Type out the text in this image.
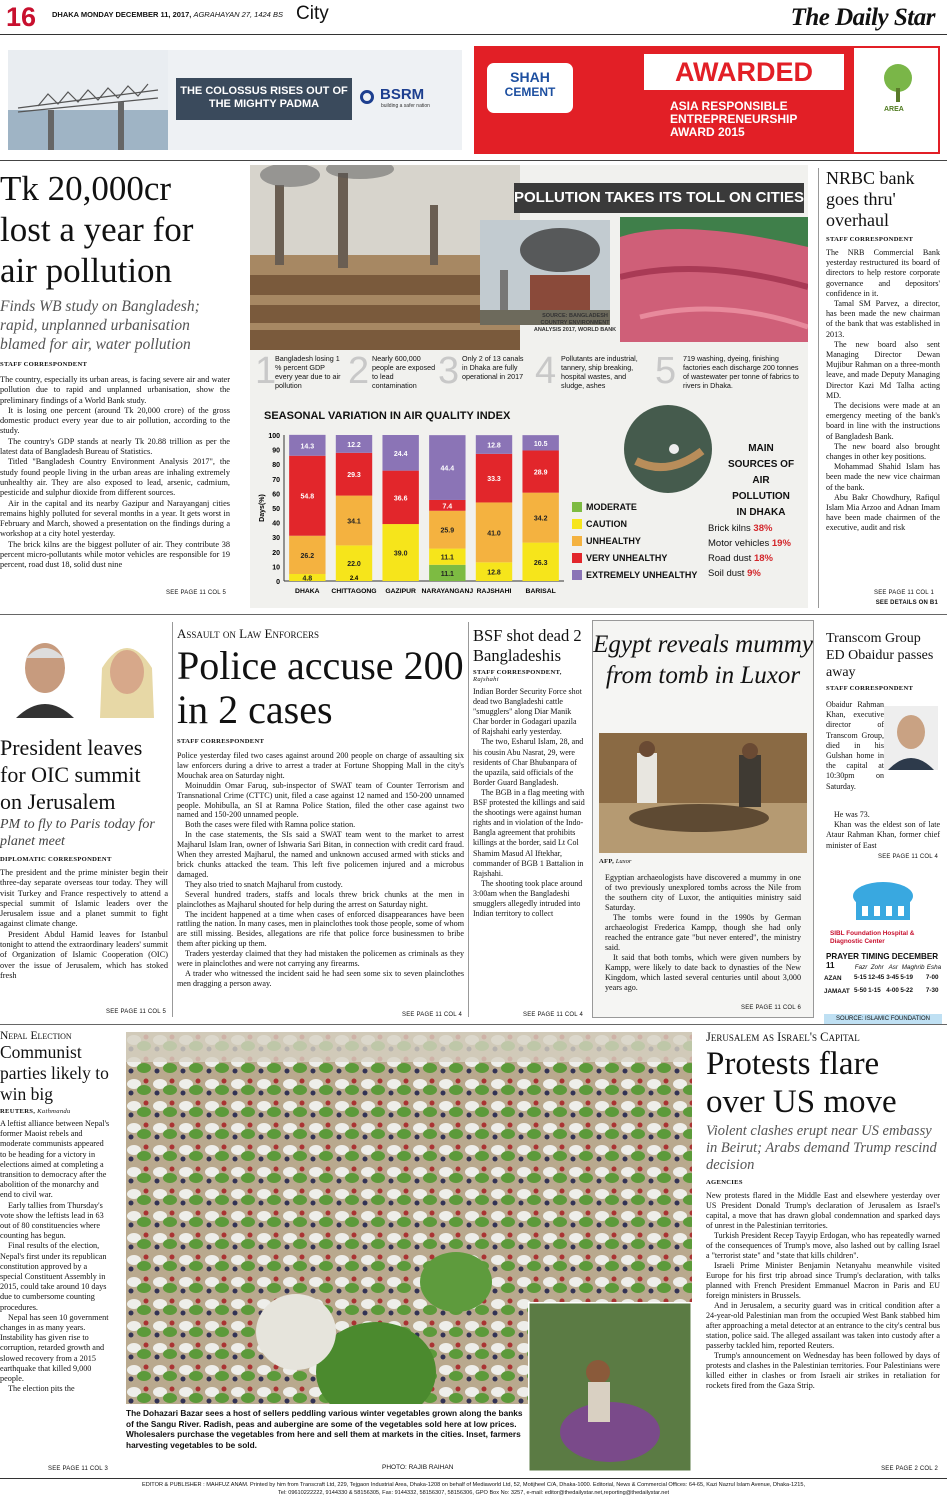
16 DHAKA MONDAY DECEMBER 11, 2017, AGRAHAYAN 27, 1424 BS City	The Daily Star
THE COLOSSUS RISES OUT OF THE MIGHTY PADMA
BSRM
building a safer nation
SHAH
CEMENT
AWARDED
ASIA RESPONSIBLE
ENTREPRENEURSHIP
AWARD 2015
AREA
Tk 20,000cr lost a year for air pollution
Finds WB study on Bangladesh; rapid, unplanned urbanisation blamed for air, water pollution
STAFF CORRESPONDENT

The country, especially its urban areas, is facing severe air and water pollution due to rapid and unplanned urbanisation, show the preliminary findings of a World Bank study.

It is losing one percent (around Tk 20,000 crore) of the gross domestic product every year due to air pollution, according to the study.

The country's GDP stands at nearly Tk 20.88 trillion as per the latest data of Bangladesh Bureau of Statistics.

Titled "Bangladesh Country Environment Analysis 2017", the study found people living in the urban areas are inhaling extremely unhealthy air. They are also exposed to lead, arsenic, cadmium, pesticide and sulphur dioxide from different sources.

Air in the capital and its nearby Gazipur and Narayanganj cities remains highly polluted for several months in a year. It gets worst in February and March, showed a presentation on the findings during a workshop at a city hotel yesterday.

The brick kilns are the biggest polluter of air. They contribute 38 percent micro-pollutants while motor vehicles are responsible for 19 percent, road dust 18, solid dust nine

SEE PAGE 11 COL 5
POLLUTION TAKES ITS TOLL ON CITIES
SOURCE: BANGLADESH COUNTRY ENVIRONMENT ANALYSIS 2017, WORLD BANK
1
Bangladesh losing 1 % percent GDP every year due to air pollution	2 Nearly 600,000 people are exposed to lead contamination 3 Only 2 of 13 canals in Dhaka are fully operational in 2017 4 Pollutants are industrial, tannery, ship breaking, hospital wastes, and sludge, ashes	5 719 washing, dyeing, finishing factories each discharge 200 tonnes of wastewater per tonne of fabrics to rivers in Dhaka.
SEASONAL VARIATION IN AIR QUALITY INDEX
0
10
20
30
40
50
60
70
80
90
100
Days(%)
4.8
26.2
54.8
14.3
DHAKA
22.0
34.1
29.3
12.2
CHITTAGONG
39.0
36.6
24.4
GAZIPUR
11.1
11.1
25.9
7.4
44.4
NARAYANGANJ
12.8
41.0
33.3
12.8
RAJSHAHI
26.3
34.2
28.9
10.5
BARISAL
2.4
MODERATE
CAUTION
UNHEALTHY
VERY UNHEALTHY
EXTREMELY UNHEALTHY
MAIN SOURCES OF AIR POLLUTION IN DHAKA
Brick kilns 38%
Motor vehicles 19%
Road dust 18%
Soil dust 9%
NRBC bank goes thru' overhaul
STAFF CORRESPONDENT

The NRB Commercial Bank yesterday restructured its board of directors to help restore corporate governance and depositors' confidence in it.

Tamal SM Parvez, a director, has been made the new chairman of the bank that was established in 2013.

The new board also sent Managing Director Dewan Mujibur Rahman on a three-month leave, and made Deputy Managing Director Kazi Md Talha acting MD.

The decisions were made at an emergency meeting of the bank's board in line with the instructions of Bangladesh Bank.

The new board also brought changes in other key positions.

Mohammad Shahid Islam has been made the new vice chairman of the bank.

Abu Bakr Chowdhury, Rafiqul Islam Mia Arzoo and Adnan Imam have been made chairmen of the executive, audit and risk

SEE PAGE 11 COL 1
SEE DETAILS ON B1
President leaves for OIC summit on Jerusalem
PM to fly to Paris today for planet meet
DIPLOMATIC CORRESPONDENT

The president and the prime minister begin their three-day separate overseas tour today. They will visit Turkey and France respectively to attend a special summit of Islamic leaders over the Jerusalem issue and a planet summit to fight against climate change.

President Abdul Hamid leaves for Istanbul tonight to attend the extraordinary leaders' summit of Organization of Islamic Cooperation (OIC) over the issue of Jerusalem, which has stoked fresh

SEE PAGE 11 COL 5
Assault on Law Enforcers
Police accuse 200 in 2 cases
STAFF CORRESPONDENT

Police yesterday filed two cases against around 200 people on charge of assaulting six law enforcers during a drive to arrest a trader at Fortune Shopping Mall in the city's Mouchak area on Saturday night.

Moinuddin Omar Faruq, sub-inspector of SWAT team of Counter Terrorism and Transnational Crime (CTTC) unit, filed a case against 12 named and 150-200 unnamed people. Mohibulla, an SI at Ramna Police Station, filed the other case against two named and 150-200 unnamed people.

Both the cases were filed with Ramna police station.

In the case statements, the SIs said a SWAT team went to the market to arrest Majharul Islam Iran, owner of Ishwaria Sari Bitan, in connection with credit card fraud. When they arrested Majharul, the named and unknown accused armed with sticks and brick chunks attacked the team. This left five policemen injured and a microbus damaged.

They also tried to snatch Majharul from custody.

Several hundred traders, staffs and locals threw brick chunks at the men in plainclothes as Majharul shouted for help during the arrest on Saturday night.

The incident happened at a time when cases of enforced disappearances have been rattling the nation. In many cases, men in plainclothes took those people, some of whom are still missing. Besides, allegations are rife that police force businessmen to bribe them after picking up them.

Traders yesterday claimed that they had mistaken the policemen as criminals as they were in plainclothes and were not carrying any firearms.

A trader who witnessed the incident said he had seen some six to seven plainclothes men dragging a person away.

SEE PAGE 11 COL 4
BSF shot dead 2 Bangladeshis
STAFF CORRESPONDENT,
Rajshahi

Indian Border Security Force shot dead two Bangladeshi cattle "smugglers" along Diar Manik Char border in Godagari upazila of Rajshahi early yesterday.

The two, Esharul Islam, 28, and his cousin Abu Nasrat, 29, were residents of Char Bhubanpara of the upazila, said officials of the Border Guard Bangladesh.

The BGB in a flag meeting with BSF protested the killings and said the shootings were against human rights and in violation of the Indo-Bangla agreement that prohibits killings at the border, said Lt Col Shamim Masud Al Iftekhar, commander of BGB 1 Battalion in Rajshahi.

The shooting took place around 3:00am when the Bangladeshi smugglers allegedly intruded into Indian territory to collect

SEE PAGE 11 COL 4
Egypt reveals mummy from tomb in Luxor
AFP, Luxor

Egyptian archaeologists have discovered a mummy in one of two previously unexplored tombs across the Nile from the southern city of Luxor, the antiquities ministry said Saturday.

The tombs were found in the 1990s by German archaeologist Frederica Kampp, though she had only reached the entrance gate "but never entered", the ministry said.

It said that both tombs, which were given numbers by Kampp, were likely to date back to dynasties of the New Kingdom, which lasted several centuries until about 3,000 years ago.

SEE PAGE 11 COL 6
Transcom Group ED Obaidur passes away
STAFF CORRESPONDENT

Obaidur Rahman Khan, executive director of Transcom Group, died in his Gulshan home in the capital at 10:30pm on Saturday.

He was 73.

Khan was the eldest son of late Ataur Rahman Khan, former chief minister of East

SEE PAGE 11 COL 4
SIBL Foundation Hospital & Diagnostic Center
PRAYER TIMING DECEMBER 11
		Fazr	Zohr	Asr	Maghrib	Esha
AZAN	5-15	12-45	3-45	5-19	7-00
JAMAAT	5-50	1-15	4-00	5-22	7-30
SOURCE: ISLAMIC FOUNDATION
Nepal Election
Communist parties likely to win big
REUTERS, Kathmandu

A leftist alliance between Nepal's former Maoist rebels and moderate communists appeared to be heading for a victory in elections aimed at completing a transition to democracy after the abolition of the monarchy and end to civil war.

Early tallies from Thursday's vote show the leftists lead in 63 out of 80 constituencies where counting has begun.

Final results of the election, Nepal's first under its republican constitution approved by a special Constituent Assembly in 2015, could take around 10 days due to cumbersome counting procedures.

Nepal has seen 10 government changes in as many years. Instability has given rise to corruption, retarded growth and slowed recovery from a 2015 earthquake that killed 9,000 people.

The election pits the

SEE PAGE 11 COL 3
The Dohazari Bazar sees a host of sellers peddling various winter vegetables grown along the banks of the Sangu River. Radish, peas and aubergine are some of the vegetables sold here at low prices. Wholesalers purchase the vegetables from here and sell them at markets in the cities. Inset, farmers harvesting vegetables to be sold.
PHOTO: RAJIB RAIHAN
Jerusalem as Israel's Capital
Protests flare over US move
Violent clashes erupt near US embassy in Beirut; Arabs demand Trump rescind decision
AGENCIES

New protests flared in the Middle East and elsewhere yesterday over US President Donald Trump's declaration of Jerusalem as Israel's capital, a move that has drawn global condemnation and sparked days of unrest in the Palestinian territories.

Turkish President Recep Tayyip Erdogan, who has repeatedly warned of the consequences of Trump's move, also lashed out by calling Israel a "terrorist state" and "state that kills children".

Israeli Prime Minister Benjamin Netanyahu meanwhile visited Europe for his first trip abroad since Trump's declaration, with talks planned with French President Emmanuel Macron in Paris and EU foreign ministers in Brussels.

And in Jerusalem, a security guard was in critical condition after a 24-year-old Palestinian man from the occupied West Bank stabbed him after approaching a metal detector at an entrance to the city's central bus station, police said. The alleged assailant was taken into custody after a passerby tackled him, reported Reuters.

Trump's announcement on Wednesday has been followed by days of protests and clashes in the Palestinian territories. Four Palestinians were killed either in clashes or from Israeli air strikes in retaliation for rockets fired from the Gaza Strip.

SEE PAGE 2 COL 2
EDITOR & PUBLISHER : MAHFUZ ANAM. Printed by him from Transcraft Ltd, 229, Tejgaon Industrial Area, Dhaka-1208 on behalf of Mediaworld Ltd, 52, Motijheel C/A, Dhaka-1000. Editorial, News & Commercial Offices: 64-65, Kazi Nazrul Islam Avenue, Dhaka-1215,
Tel: 09610222222, 9144330 & 58156305, Fax: 9144332, 58156307, 58156306, GPO Box No: 3257, e-mail: editor@thedailystar.net,reporting@thedailystar.net
